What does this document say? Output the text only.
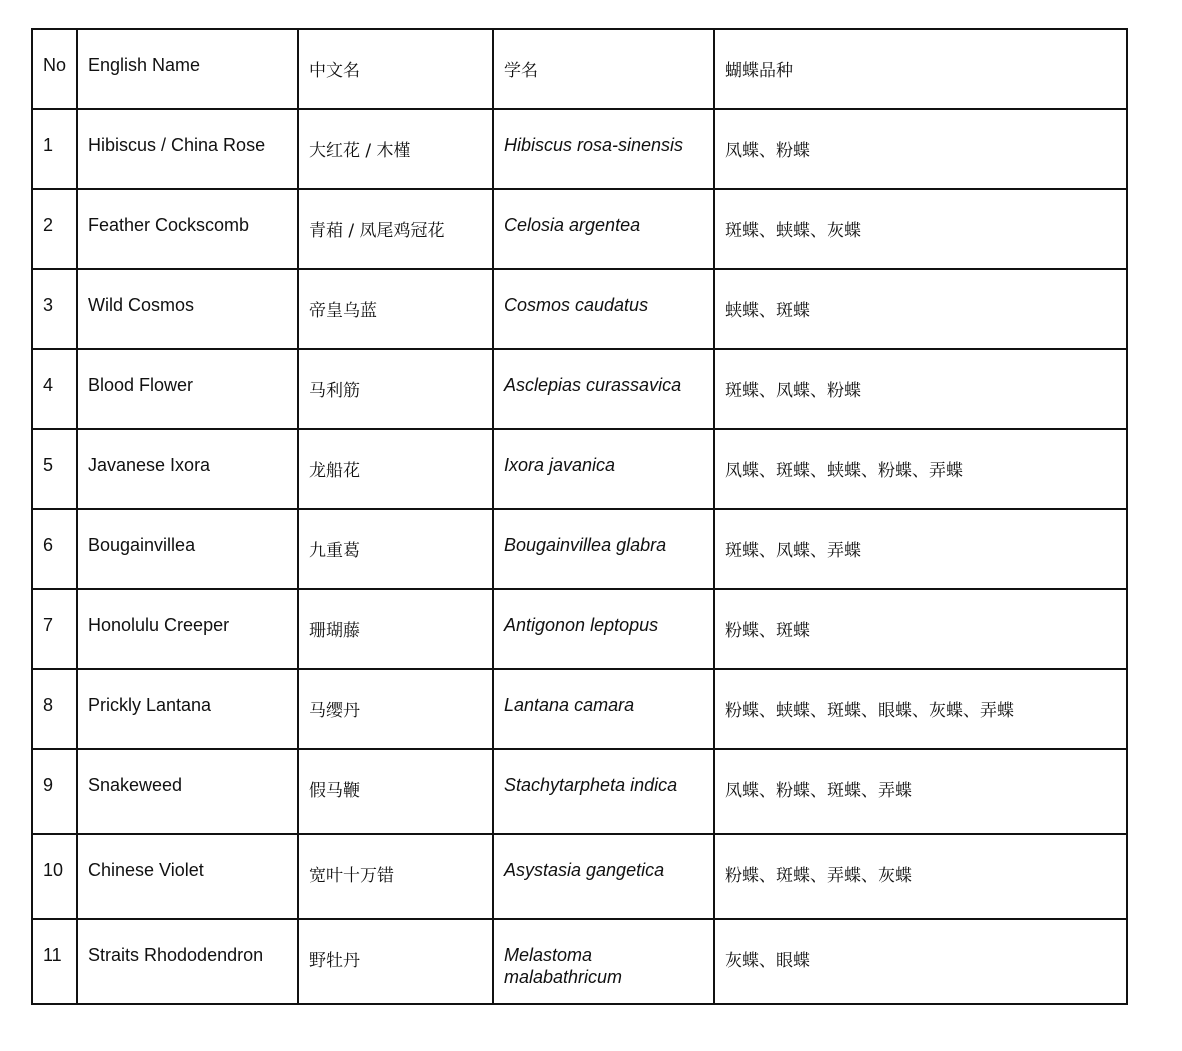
No	English Name	中文名	学名	蝴蝶品种
1	Hibiscus / China Rose	大红花 / 木槿	Hibiscus rosa-sinensis	凤蝶、粉蝶
2	Feather Cockscomb	青葙 / 凤尾鸡冠花	Celosia argentea	斑蝶、蛱蝶、灰蝶
3	Wild Cosmos	帝皇乌蓝	Cosmos caudatus	蛱蝶、斑蝶
4	Blood Flower	马利筋	Asclepias curassavica	斑蝶、凤蝶、粉蝶
5	Javanese Ixora	龙船花	Ixora javanica	凤蝶、斑蝶、蛱蝶、粉蝶、弄蝶
6	Bougainvillea	九重葛	Bougainvillea glabra	斑蝶、凤蝶、弄蝶
7	Honolulu Creeper	珊瑚藤	Antigonon leptopus	粉蝶、斑蝶
8	Prickly Lantana	马缨丹	Lantana camara	粉蝶、蛱蝶、斑蝶、眼蝶、灰蝶、弄蝶
9	Snakeweed	假马鞭	Stachytarpheta indica	凤蝶、粉蝶、斑蝶、弄蝶
10	Chinese Violet	宽叶十万错	Asystasia gangetica	粉蝶、斑蝶、弄蝶、灰蝶
11	Straits Rhododendron	野牡丹	Melastoma malabathricum	灰蝶、眼蝶
